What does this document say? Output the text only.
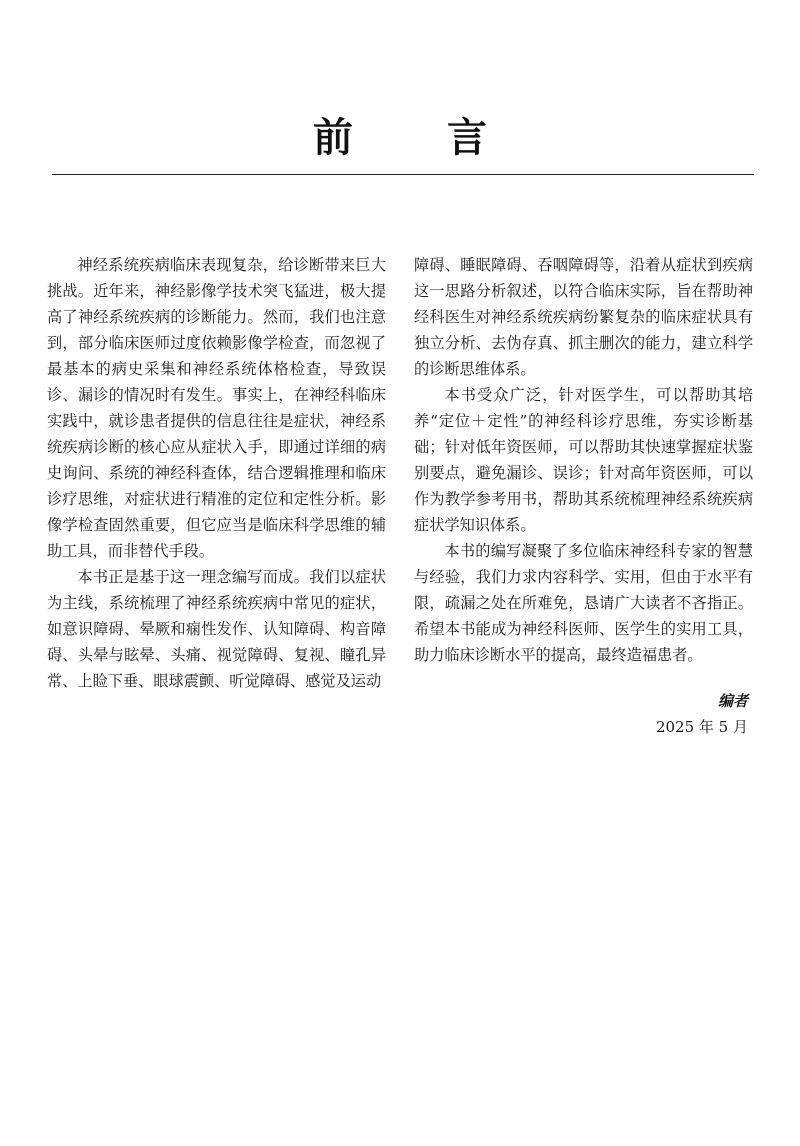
前 言

神经系统疾病临床表现复杂，给诊断带来巨大挑战。近年来，神经影像学技术突飞猛进，极大提高了神经系统疾病的诊断能力。然而，我们也注意到，部分临床医师过度依赖影像学检查，而忽视了最基本的病史采集和神经系统体格检查，导致误诊、漏诊的情况时有发生。事实上，在神经科临床实践中，就诊患者提供的信息往往是症状，神经系统疾病诊断的核心应从症状入手，即通过详细的病史询问、系统的神经科查体，结合逻辑推理和临床诊疗思维，对症状进行精准的定位和定性分析。影像学检查固然重要，但它应当是临床科学思维的辅助工具，而非替代手段。

本书正是基于这一理念编写而成。我们以症状为主线，系统梳理了神经系统疾病中常见的症状，如意识障碍、晕厥和痫性发作、认知障碍、构音障碍、头晕与眩晕、头痛、视觉障碍、复视、瞳孔异常、上睑下垂、眼球震颤、听觉障碍、感觉及运动

障碍、睡眠障碍、吞咽障碍等，沿着从症状到疾病这一思路分析叙述，以符合临床实际，旨在帮助神经科医生对神经系统疾病纷繁复杂的临床症状具有独立分析、去伪存真、抓主删次的能力，建立科学的诊断思维体系。

本书受众广泛，针对医学生，可以帮助其培养“定位＋定性”的神经科诊疗思维，夯实诊断基础；针对低年资医师，可以帮助其快速掌握症状鉴别要点，避免漏诊、误诊；针对高年资医师，可以作为教学参考用书，帮助其系统梳理神经系统疾病症状学知识体系。

本书的编写凝聚了多位临床神经科专家的智慧与经验，我们力求内容科学、实用，但由于水平有限，疏漏之处在所难免，恳请广大读者不吝指正。希望本书能成为神经科医师、医学生的实用工具，助力临床诊断水平的提高，最终造福患者。

编者
2025 年 5 月
